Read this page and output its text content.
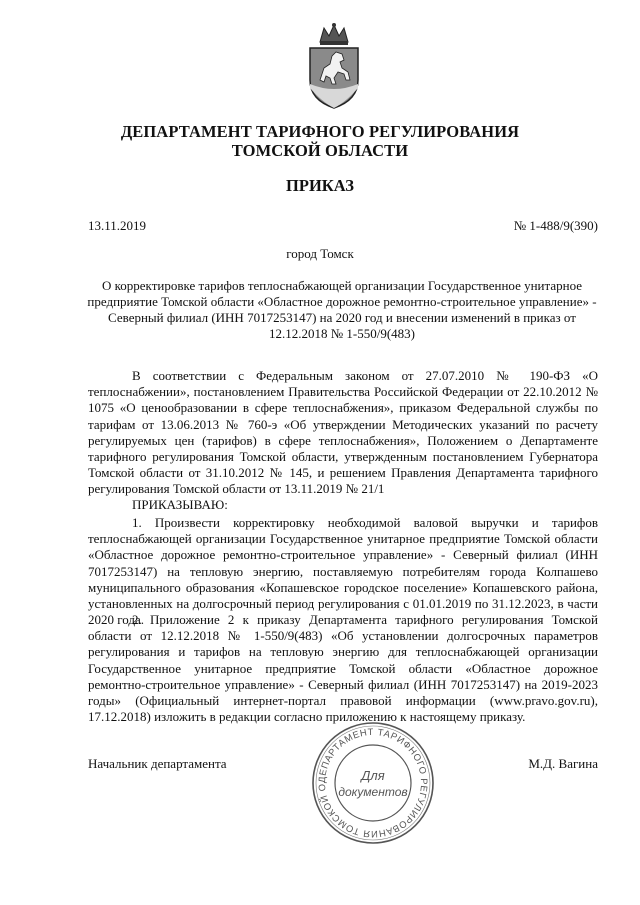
ДЕПАРТАМЕНТ ТАРИФНОГО РЕГУЛИРОВАНИЯ
ТОМСКОЙ ОБЛАСТИ
ПРИКАЗ
13.11.2019	№ 1-488/9(390)
город Томск
О корректировке тарифов теплоснабжающей организации Государственное унитарное предприятие Томской области «Областное дорожное ремонтно-строительное управление» - Северный филиал (ИНН 7017253147) на 2020 год и внесении изменений в приказ от 12.12.2018 № 1-550/9(483)

В соответствии с Федеральным законом от 27.07.2010 № 190-ФЗ «О теплоснабжении», постановлением Правительства Российской Федерации от 22.10.2012 № 1075 «О ценообразовании в сфере теплоснабжения», приказом Федеральной службы по тарифам от 13.06.2013 № 760-э «Об утверждении Методических указаний по расчету регулируемых цен (тарифов) в сфере теплоснабжения», Положением о Департаменте тарифного регулирования Томской области, утвержденным постановлением Губернатора Томской области от 31.10.2012 № 145, и решением Правления Департамента тарифного регулирования Томской области от 13.11.2019 № 21/1

ПРИКАЗЫВАЮ:

1. Произвести корректировку необходимой валовой выручки и тарифов теплоснабжающей организации Государственное унитарное предприятие Томской области «Областное дорожное ремонтно-строительное управление» - Северный филиал (ИНН 7017253147) на тепловую энергию, поставляемую потребителям города Колпашево муниципального образования «Копашевское городское поселение» Копашевского района, установленных на долгосрочный период регулирования с 01.01.2019 по 31.12.2023, в части 2020 года.

2. Приложение 2 к приказу Департамента тарифного регулирования Томской области от 12.12.2018 № 1-550/9(483) «Об установлении долгосрочных параметров регулирования и тарифов на тепловую энергию для теплоснабжающей организации Государственное унитарное предприятие Томской области «Областное дорожное ремонтно-строительное управление» - Северный филиал (ИНН 7017253147) на 2019-2023 годы» (Официальный интернет-портал правовой информации (www.pravo.gov.ru), 17.12.2018) изложить в редакции согласно приложению к настоящему приказу.

Начальник департамента	М.Д. Вагина
ДЕПАРТАМЕНТ ТАРИФНОГО РЕГУЛИРОВАНИЯ ТОМСКОЙ О
Для
документов
